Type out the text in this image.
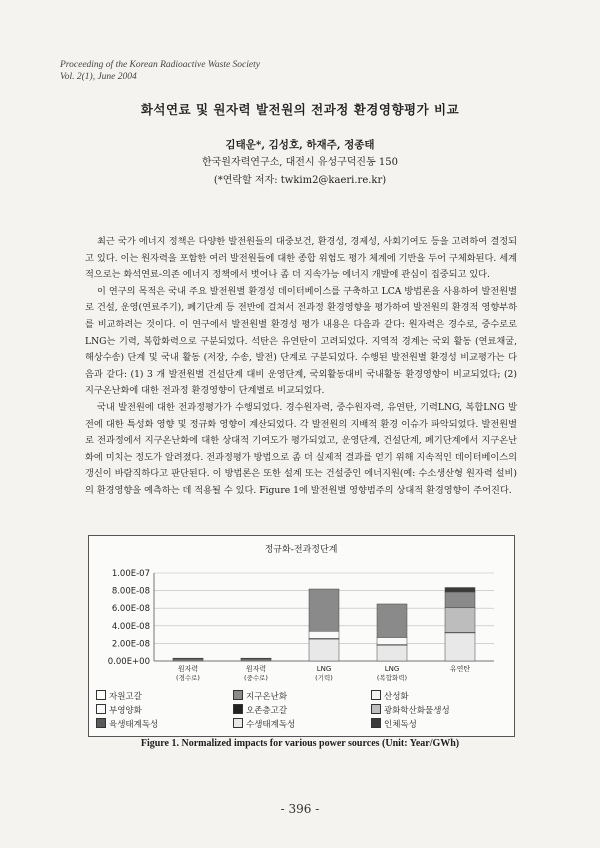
Proceeding of the Korean Radioactive Waste Society
Vol. 2(1), June 2004
화석연료 및 원자력 발전원의 전과정 환경영향평가 비교
김태운*, 김성호, 하재주, 정종태
한국원자력연구소, 대전시 유성구덕진동 150
(*연락할 저자: twkim2@kaeri.re.kr)

최근 국가 에너지 정책은 다양한 발전원들의 대중보건, 환경성, 경제성, 사회기여도 등을 고려하여 결정되고 있다. 이는 원자력을 포함한 여러 발전원들에 대한 종합 위험도 평가 체계에 기반을 두어 구체화된다. 세계적으로는 화석연료-의존 에너지 정책에서 벗어나 좀 더 지속가능 에너지 개발에 관심이 집중되고 있다.

이 연구의 목적은 국내 주요 발전원별 환경성 데이터베이스를 구축하고 LCA 방법론을 사용하여 발전원별로 건설, 운영(연료주기), 폐기단계 등 전반에 걸쳐서 전과정 환경영향을 평가하여 발전원의 환경적 영향부하를 비교하려는 것이다. 이 연구에서 발전원별 환경성 평가 내용은 다음과 같다: 원자력은 경수로, 중수로로 LNG는 기력, 복합화력으로 구분되었다. 석탄은 유연탄이 고려되었다. 지역적 경계는 국외 활동 (연료채굴, 해상수송) 단계 및 국내 활동 (저장, 수송, 발전) 단계로 구분되었다. 수행된 발전원별 환경성 비교평가는 다음과 같다: (1) 3 개 발전원별 건설단계 대비 운영단계, 국외활동대비 국내활동 환경영향이 비교되었다; (2) 지구온난화에 대한 전과정 환경영향이 단계별로 비교되었다.

국내 발전원에 대한 전과정평가가 수행되었다. 경수원자력, 중수원자력, 유연탄, 기력LNG, 복합LNG 발전에 대한 특성화 영향 및 정규화 영향이 계산되었다. 각 발전원의 지배적 환경 이슈가 파악되었다. 발전원별로 전과정에서 지구온난화에 대한 상대적 기여도가 평가되었고, 운영단계, 건설단계, 폐기단계에서 지구온난화에 미치는 정도가 알려졌다. 전과정평가 방법으로 좀 더 실제적 결과를 얻기 위해 지속적인 데이터베이스의 갱신이 바람직하다고 판단된다. 이 방법론은 또한 설계 또는 건설중인 에너지원(예: 수소생산형 원자력 설비)의 환경영향을 예측하는 데 적용될 수 있다. Figure 1에 발전원별 영향범주의 상대적 환경영향이 주어진다.

정규화-전과정단계
0.00E+00
2.00E-08
4.00E-08
6.00E-08
8.00E-08
1.00E-07
원자력
(경수로)
원자력
(중수로)
LNG
(기력)
LNG
(복합화력)
유연탄
자원고갈	지구온난화	산성화
부영양화	오존층고갈	광화학산화물생성
육생태계독성	수생태계독성	인체독성
Figure 1. Normalized impacts for various power sources (Unit: Year/GWh)
- 396 -
